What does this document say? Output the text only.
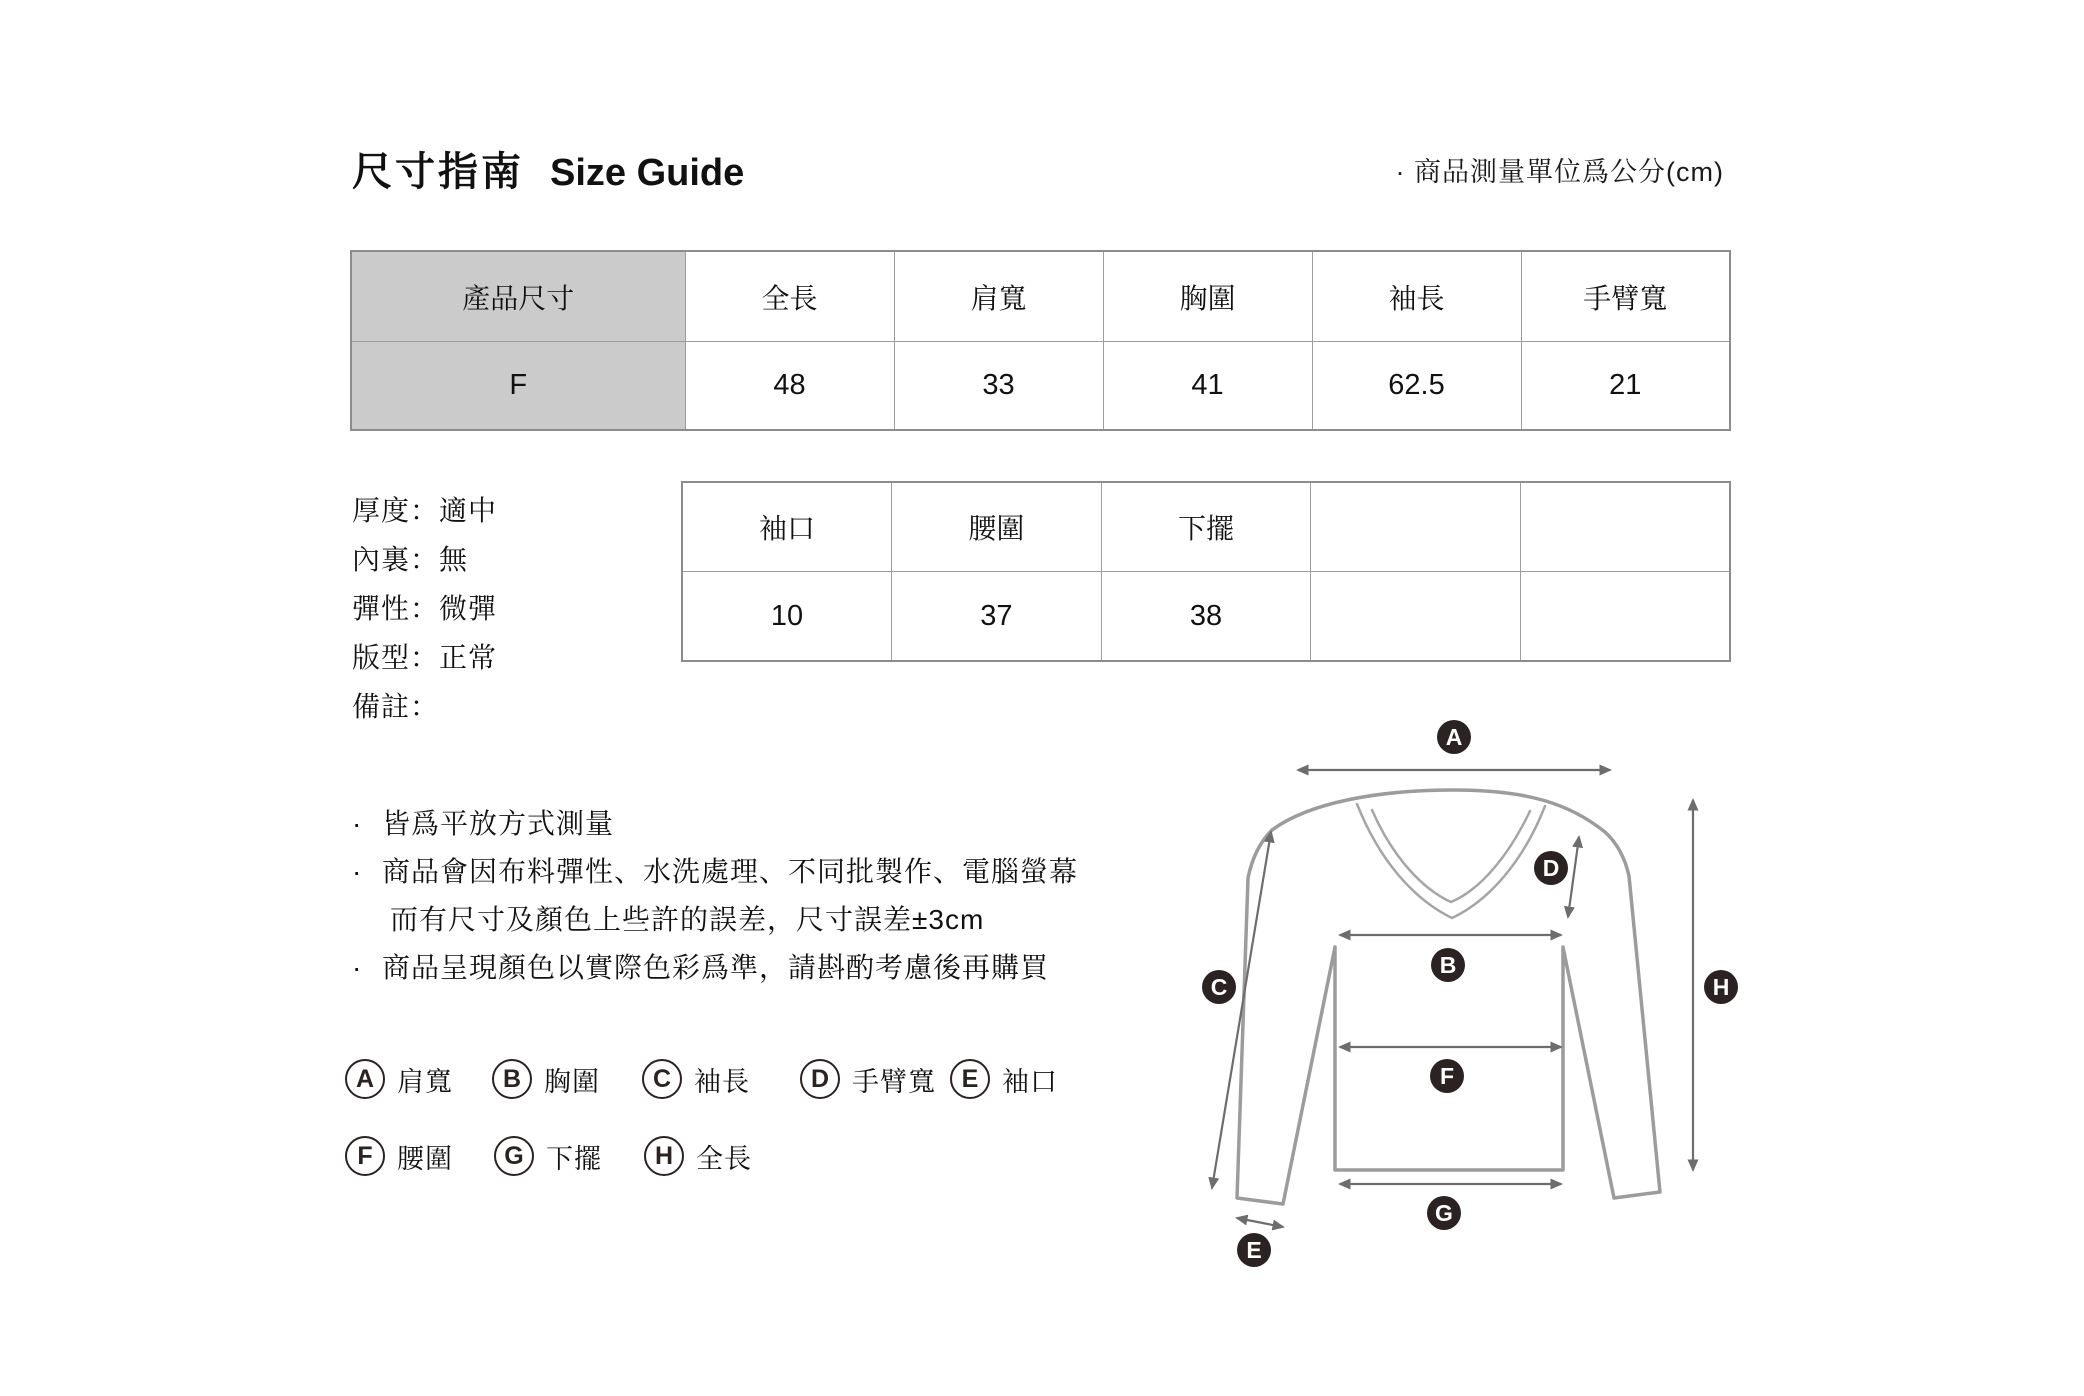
尺寸指南 Size Guide	· 商品測量單位爲公分(cm)
產品尺寸	全長	肩寬	胸圍	袖長	手臂寬
F	48	33	41	62.5	21
厚度：適中
內裏：無
彈性：微彈
版型：正常
備註：
袖口	腰圍	下擺		
10	37	38		
· 皆爲平放方式測量
· 商品會因布料彈性、水洗處理、不同批製作、電腦螢幕
而有尺寸及顏色上些許的誤差，尺寸誤差±3cm
· 商品呈現顏色以實際色彩爲準，請斟酌考慮後再購買
A 肩寬	B 胸圍	C 袖長	D 手臂寬	E 袖口
F 腰圍	G 下擺	H 全長
A
B
C
D
E
F
G
H
